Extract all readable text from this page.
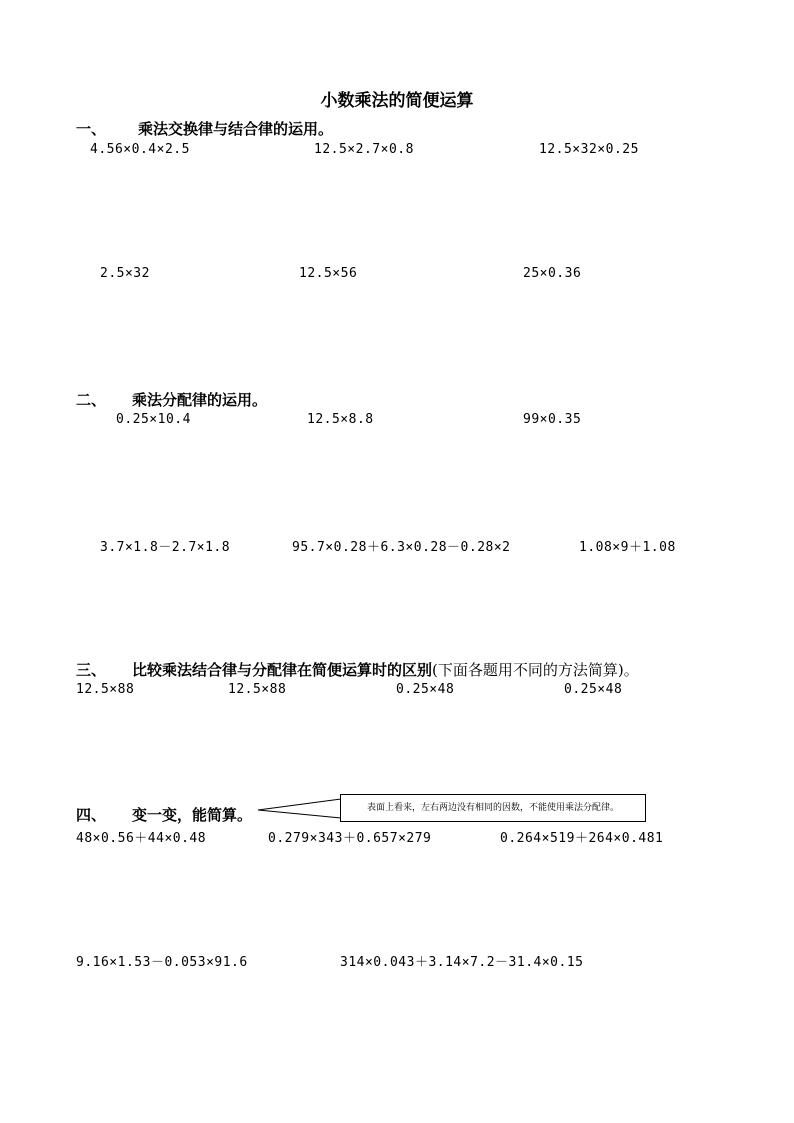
小数乘法的简便运算
一、 乘法交换律与结合律的运用。
4.56×0.4×2.5	12.5×2.7×0.8	12.5×32×0.25
2.5×32	12.5×56	25×0.36
二、 乘法分配律的运用。
0.25×10.4	12.5×8.8	99×0.35
3.7×1.8－2.7×1.8	95.7×0.28＋6.3×0.28－0.28×2	1.08×9＋1.08
三、 比较乘法结合律与分配律在简便运算时的区别(下面各题用不同的方法简算)。
12.5×88	12.5×88	0.25×48	0.25×48
四、 变一变，能简算。	表面上看来，左右两边没有相同的因数，不能使用乘法分配律。
48×0.56＋44×0.48	0.279×343＋0.657×279	0.264×519＋264×0.481
9.16×1.53－0.053×91.6	314×0.043＋3.14×7.2－31.4×0.15
